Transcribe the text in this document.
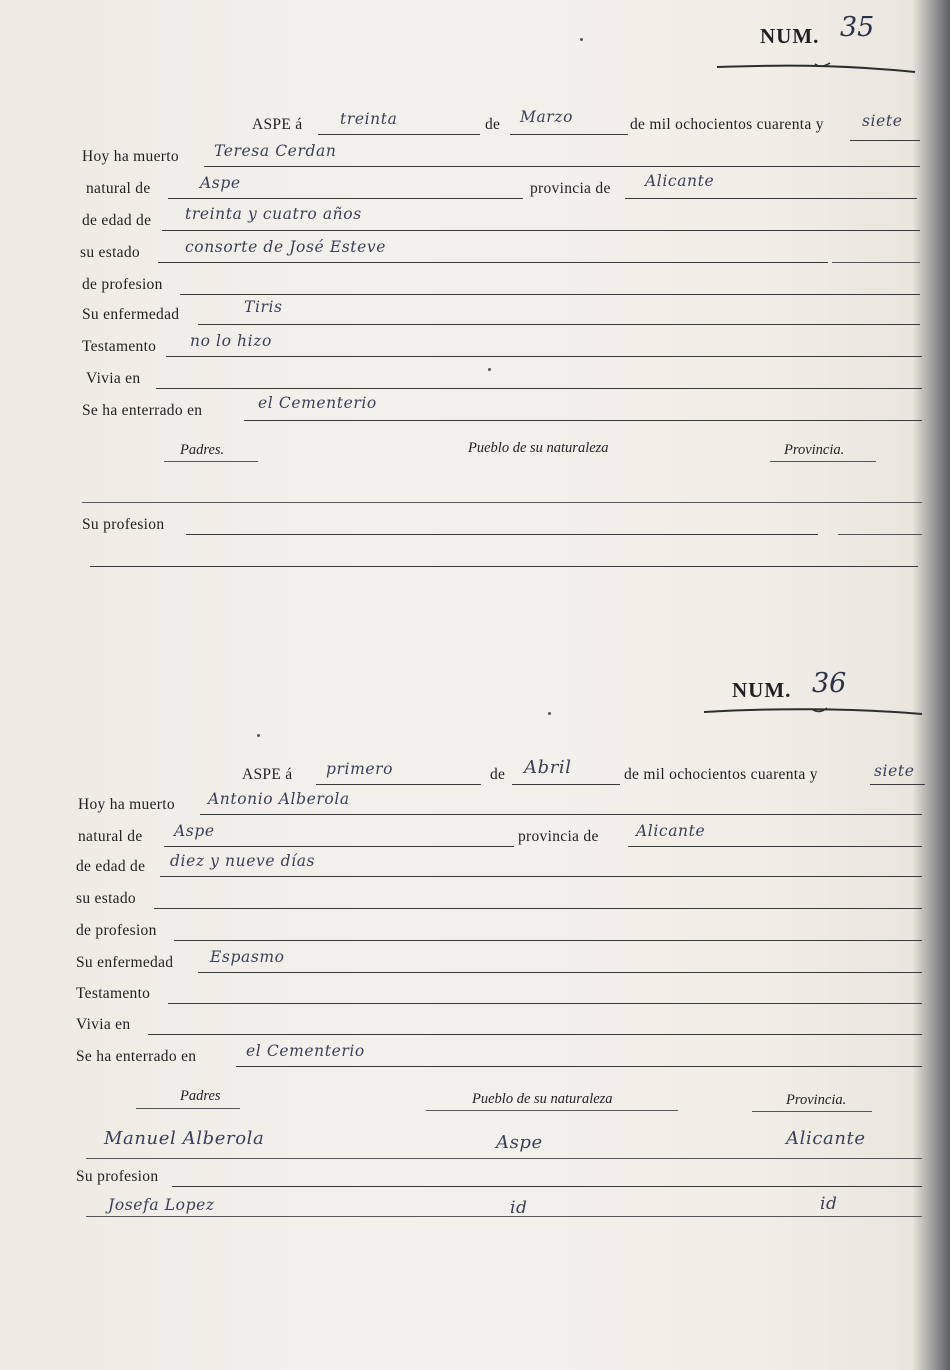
NUM. 35
ASPE á treinta	de Marzo	de mil ochocientos cuarenta y siete
Hoy ha muerto Teresa Cerdan
natural de	Aspe	provincia de Alicante
de edad de treinta y cuatro años
su estado	consorte de José Esteve
de profesion
Su enfermedad	Tiris
Testamento no lo hizo
Vivia en
Se ha enterrado en	el Cementerio
Padres.	Pueblo de su naturaleza	Provincia.
Su profesion
NUM. 36
ASPE á primero	de Abril	de mil ochocientos cuarenta y	siete
Hoy ha muerto Antonio Alberola
natural de Aspe	provincia de Alicante
de edad de diez y nueve días
su estado
de profesion
Su enfermedad Espasmo
Testamento
Vivia en
Se ha enterrado en	el Cementerio
Padres	Pueblo de su naturaleza	Provincia.
Manuel Alberola	Aspe	Alicante
Su profesion
Josefa Lopez	id	id
